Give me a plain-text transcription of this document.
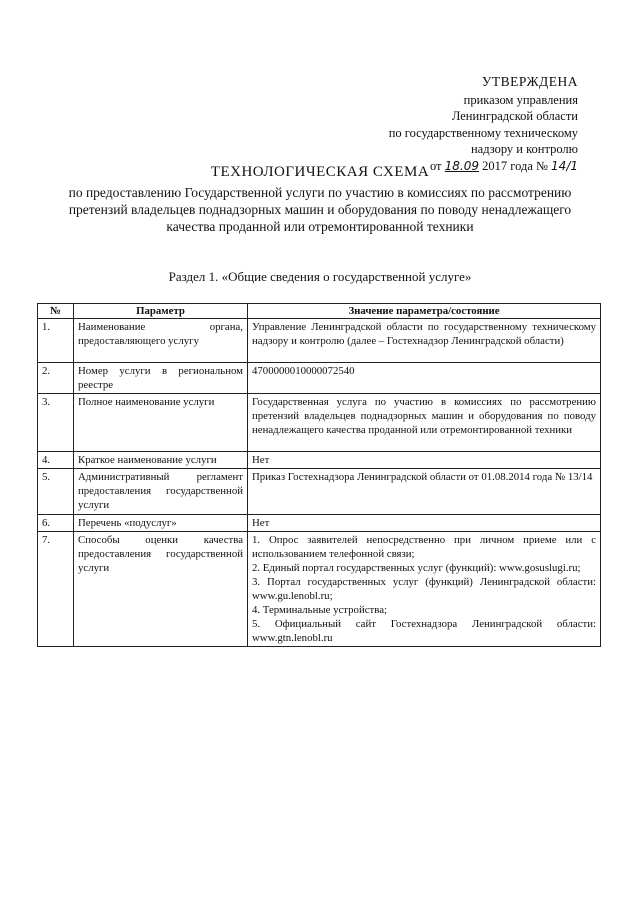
УТВЕРЖДЕНА
приказом управления
Ленинградской области
по государственному техническому
надзору и контролю
от 18.09 2017 года № 14/1
ТЕХНОЛОГИЧЕСКАЯ СХЕМА
по предоставлению Государственной услуги по участию в комиссиях по рассмотрению претензий владельцев поднадзорных машин и оборудования по поводу ненадлежащего качества проданной или отремонтированной техники
Раздел 1. «Общие сведения о государственной услуге»
№	Параметр	Значение параметра/состояние
1.	Наименование органа, предоставляющего услугу	Управление Ленинградской области по государственному техническому надзору и контролю (далее – Гостехнадзор Ленинградской области)
2.	Номер услуги в региональном реестре	4700000010000072540
3.	Полное наименование услуги	Государственная услуга по участию в комиссиях по рассмотрению претензий владельцев поднадзорных машин и оборудования по поводу ненадлежащего качества проданной или отремонтированной техники
4.	Краткое наименование услуги	Нет
5.	Административный регламент предоставления государственной услуги	Приказ Гостехнадзора Ленинградской области от 01.08.2014 года № 13/14
6.	Перечень «подуслуг»	Нет
7.	Способы оценки качества предоставления государственной услуги	1. Опрос заявителей непосредственно при личном приеме или с использованием телефонной связи;
2. Единый портал государственных услуг (функций): www.gosuslugi.ru;
3. Портал государственных услуг (функций) Ленинградской области: www.gu.lenobl.ru;
4. Терминальные устройства;
5. Официальный сайт Гостехнадзора Ленинградской области: www.gtn.lenobl.ru
